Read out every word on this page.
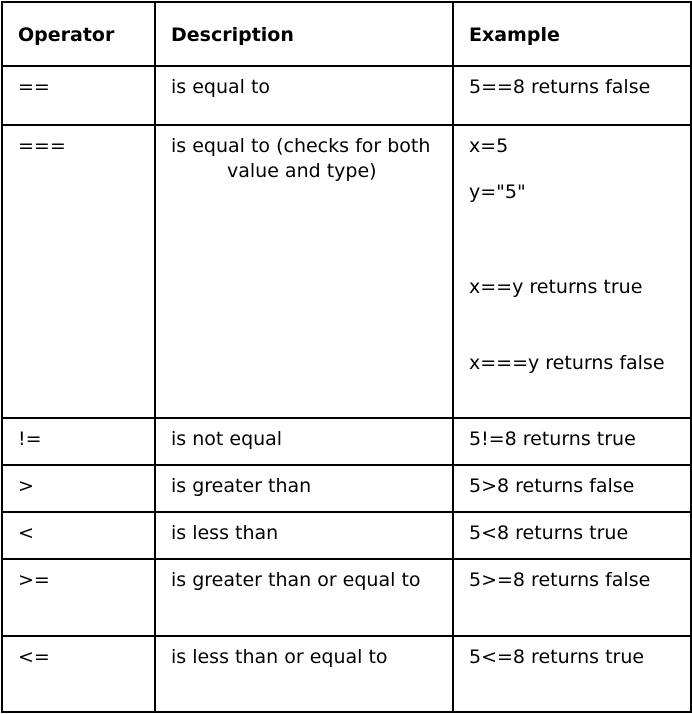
Operator	Description	Example
==	is equal to	5==8 returns false
===	is equal to (checks for both value and type)	x=5
y="5"
x==y returns true
x===y returns false

!=	is not equal	5!=8 returns true
>	is greater than	5>8 returns false
<	is less than	5<8 returns true
>=	is greater than or equal to	5>=8 returns false
<=	is less than or equal to	5<=8 returns true
